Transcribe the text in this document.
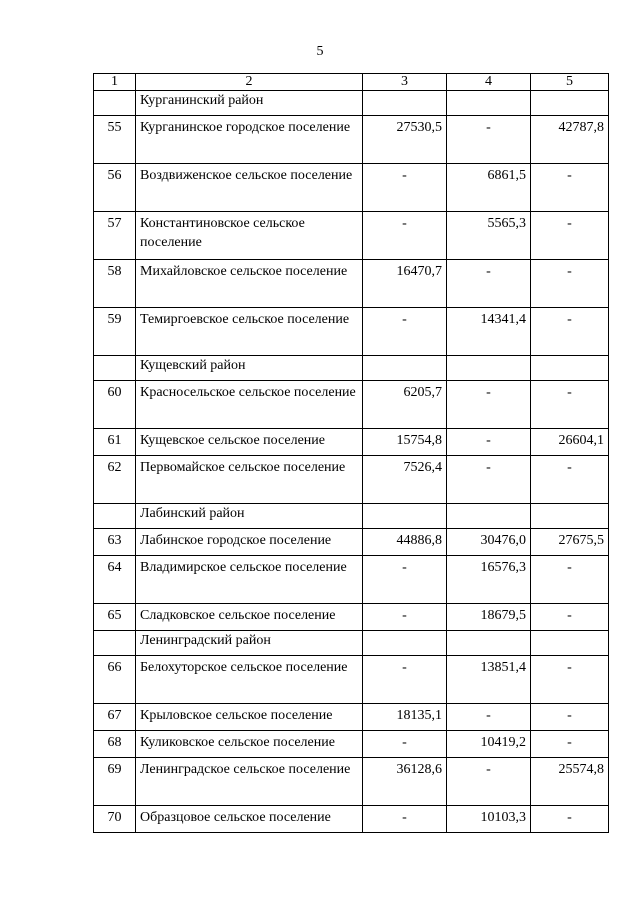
5
1	2	3	4	5
	Курганинский район			
55	Курганинское городское поселение	27530,5	-	42787,8
56	Воздвиженское сельское поселение	-	6861,5	-
57	Константиновское сельское поселение	-	5565,3	-
58	Михайловское сельское поселение	16470,7	-	-
59	Темиргоевское сельское поселение	-	14341,4	-
	Кущевский район			
60	Красносельское сельское поселение	6205,7	-	-
61	Кущевское сельское поселение	15754,8	-	26604,1
62	Первомайское сельское поселение	7526,4	-	-
	Лабинский район			
63	Лабинское городское поселение	44886,8	30476,0	27675,5
64	Владимирское сельское поселение	-	16576,3	-
65	Сладковское сельское поселение	-	18679,5	-
	Ленинградский район			
66	Белохуторское сельское поселение	-	13851,4	-
67	Крыловское сельское поселение	18135,1	-	-
68	Куликовское сельское поселение	-	10419,2	-
69	Ленинградское сельское поселение	36128,6	-	25574,8
70	Образцовое сельское поселение	-	10103,3	-
